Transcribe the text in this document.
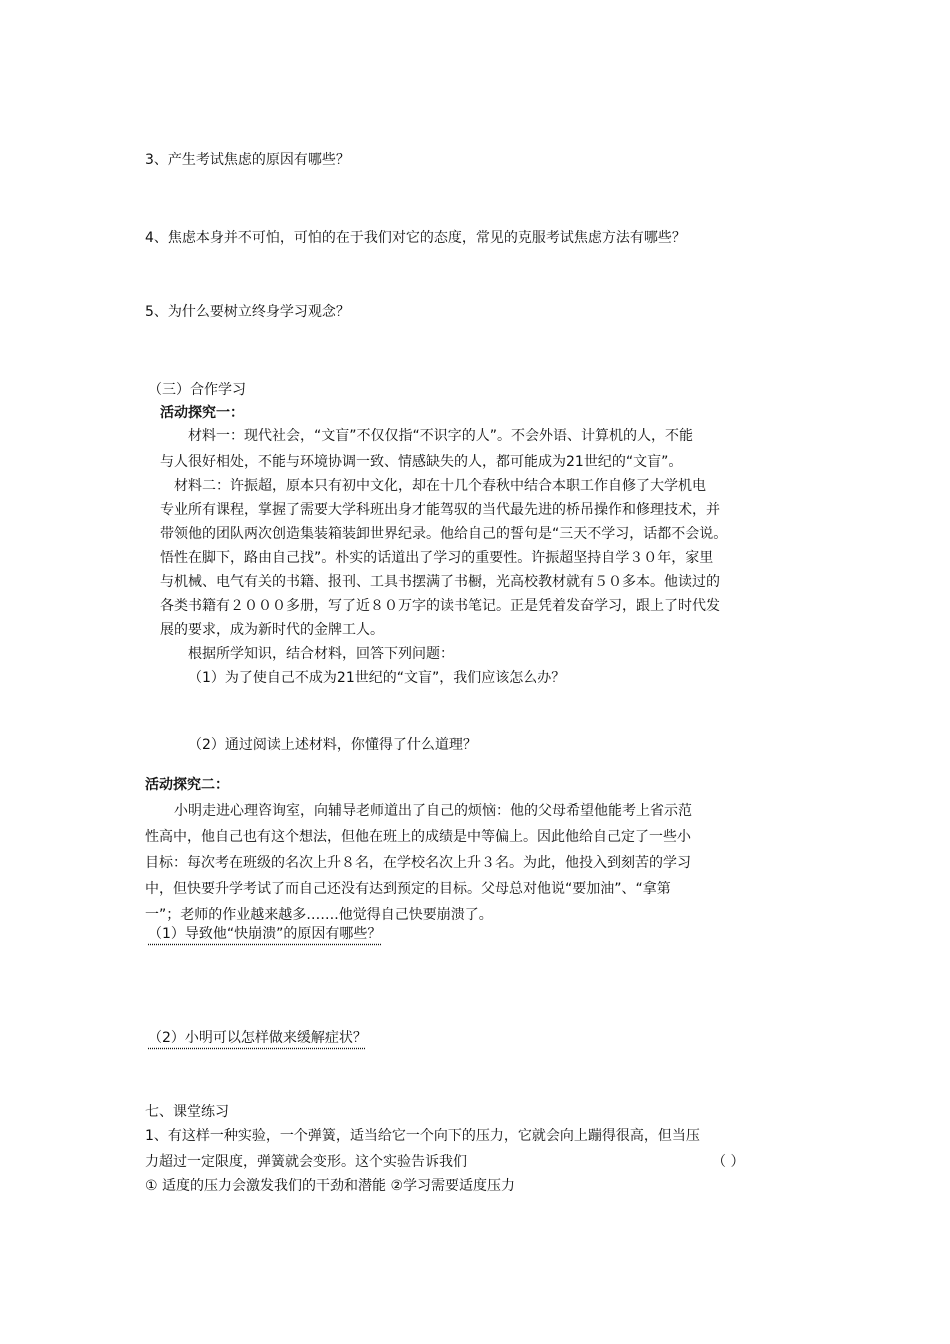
3、产生考试焦虑的原因有哪些？
4、焦虑本身并不可怕，可怕的在于我们对它的态度，常见的克服考试焦虑方法有哪些？
5、为什么要树立终身学习观念？
（三）合作学习
活动探究一：
材料一：现代社会，“文盲”不仅仅指“不识字的人”。不会外语、计算机的人，不能
与人很好相处，不能与环境协调一致、情感缺失的人，都可能成为21世纪的“文盲”。
材料二：许振超，原本只有初中文化，却在十几个春秋中结合本职工作自修了大学机电
专业所有课程，掌握了需要大学科班出身才能驾驭的当代最先进的桥吊操作和修理技术，并
带领他的团队两次创造集装箱装卸世界纪录。他给自己的誓句是“三天不学习，话都不会说。
悟性在脚下，路由自己找”。朴实的话道出了学习的重要性。许振超坚持自学３０年，家里
与机械、电气有关的书籍、报刊、工具书摆满了书橱，光高校教材就有５０多本。他读过的
各类书籍有２０００多册，写了近８０万字的读书笔记。正是凭着发奋学习，跟上了时代发
展的要求，成为新时代的金牌工人。
根据所学知识，结合材料，回答下列问题：
（1）为了使自己不成为21世纪的“文盲”，我们应该怎么办？
（2）通过阅读上述材料，你懂得了什么道理？
活动探究二：
小明走进心理咨询室，向辅导老师道出了自己的烦恼：他的父母希望他能考上省示范
性高中，他自己也有这个想法，但他在班上的成绩是中等偏上。因此他给自己定了一些小
目标：每次考在班级的名次上升８名，在学校名次上升３名。为此，他投入到刻苦的学习
中，但快要升学考试了而自己还没有达到预定的目标。父母总对他说“要加油”、“拿第
一”；老师的作业越来越多…….他觉得自己快要崩溃了。
（1）导致他“快崩溃”的原因有哪些？
（2）小明可以怎样做来缓解症状？
七、课堂练习
1、有这样一种实验，一个弹簧，适当给它一个向下的压力，它就会向上蹦得很高，但当压
力超过一定限度，弹簧就会变形。这个实验告诉我们	（ ）
① 适度的压力会激发我们的干劲和潜能 ②学习需要适度压力
